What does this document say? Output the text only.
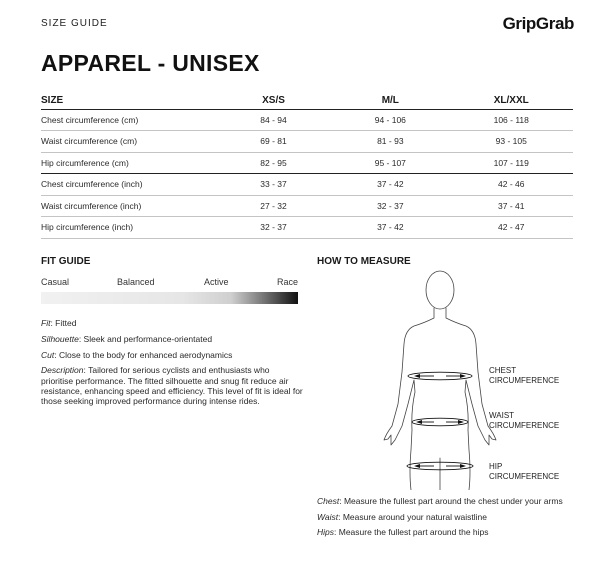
SIZE GUIDE	GripGrab
APPAREL - UNISEX
SIZE	XS/S	M/L	XL/XXL
Chest circumference (cm)	84 - 94	94 - 106	106 - 118
Waist circumference (cm)	69 - 81	81 - 93	93 - 105
Hip circumference (cm)	82 - 95	95 - 107	107 - 119
Chest circumference (inch)	33 - 37	37 - 42	42 - 46
Waist circumference (inch)	27 - 32	32 - 37	37 - 41
Hip circumference (inch)	32 - 37	37 - 42	42 - 47
FIT GUIDE
Casual	Balanced	Active	Race

Fit: Fitted

Silhouette: Sleek and performance-orientated

Cut: Close to the body for enhanced aerodynamics

Description: Tailored for serious cyclists and enthusiasts who prioritise performance. The fitted silhouette and snug fit reduce air resistance, enhancing speed and efficiency. This level of fit is ideal for those seeking improved performance during intense rides.

HOW TO MEASURE
CHEST
CIRCUMFERENCE
WAIST
CIRCUMFERENCE
HIP
CIRCUMFERENCE

Chest: Measure the fullest part around the chest under your arms

Waist: Measure around your natural waistline

Hips: Measure the fullest part around the hips
